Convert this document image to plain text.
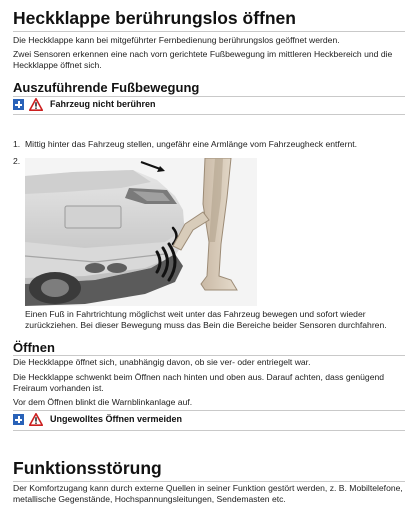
Heckklappe berührungslos öffnen
Die Heckklappe kann bei mitgeführter Fernbedienung berührungslos geöffnet werden.
Zwei Sensoren erkennen eine nach vorn gerichtete Fußbewegung im mittleren Heckbereich und die Heckklappe öffnet sich.
Auszuführende Fußbewegung
Fahrzeug nicht berühren
1. Mittig hinter das Fahrzeug stellen, ungefähr eine Armlänge vom Fahrzeugheck entfernt.
2.
Einen Fuß in Fahrtrichtung möglichst weit unter das Fahrzeug bewegen und sofort wieder zurückziehen. Bei dieser Bewegung muss das Bein die Bereiche beider Sensoren durchfahren.
Öffnen
Die Heckklappe öffnet sich, unabhängig davon, ob sie ver- oder entriegelt war.
Die Heckklappe schwenkt beim Öffnen nach hinten und oben aus. Darauf achten, dass genügend Freiraum vorhanden ist.
Vor dem Öffnen blinkt die Warnblinkanlage auf.
Ungewolltes Öffnen vermeiden
Funktionsstörung
Der Komfortzugang kann durch externe Quellen in seiner Funktion gestört werden, z. B. Mobiltelefone, metallische Gegenstände, Hochspannungsleitungen, Sendemasten etc.
